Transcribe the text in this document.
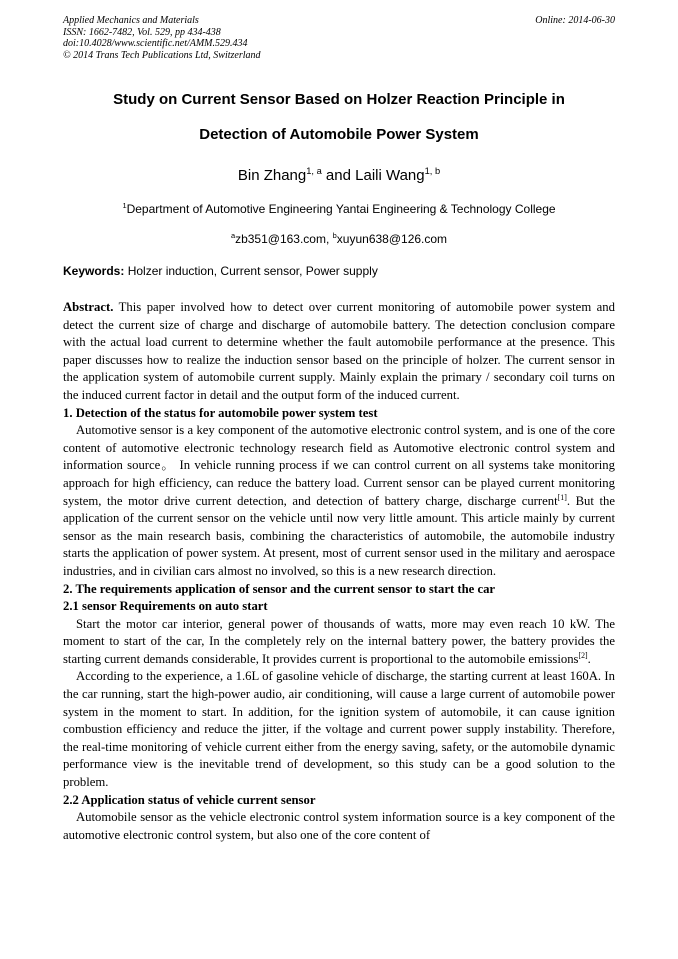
Applied Mechanics and Materials
ISSN: 1662-7482, Vol. 529, pp 434-438
doi:10.4028/www.scientific.net/AMM.529.434
© 2014 Trans Tech Publications Ltd, Switzerland
Online: 2014-06-30
Study on Current Sensor Based on Holzer Reaction Principle in
Detection of Automobile Power System
Bin Zhang$^{1, a}$ and Laili Wang$^{1, b}$
$^1$Department of Automotive Engineering Yantai Engineering & Technology College
$^a$zb351@163.com, $^b$xuyun638@126.com
Keywords: Holzer induction, Current sensor, Power supply

Abstract. This paper involved how to detect over current monitoring of automobile power system and detect the current size of charge and discharge of automobile battery. The detection conclusion compare with the actual load current to determine whether the fault automobile performance at the presence. This paper discusses how to realize the induction sensor based on the principle of holzer. The current sensor in the application system of automobile current supply. Mainly explain the primary / secondary coil turns on the induced current factor in detail and the output form of the induced current.

1. Detection of the status for automobile power system test

Automotive sensor is a key component of the automotive electronic control system, and is one of the core content of automotive electronic technology research field as Automotive electronic control system and information source。 In vehicle running process if we can control current on all systems take monitoring approach for high efficiency, can reduce the battery load. Current sensor can be played current monitoring system, the motor drive current detection, and detection of battery charge, discharge current[1]. But the application of the current sensor on the vehicle until now very little amount. This article mainly by current sensor as the main research basis, combining the characteristics of automobile, the automobile industry starts the application of power system. At present, most of current sensor used in the military and aerospace industries, and in civilian cars almost no involved, so this is a new research direction.

2. The requirements application of sensor and the current sensor to start the car
2.1 sensor Requirements on auto start

Start the motor car interior, general power of thousands of watts, more may even reach 10 kW. The moment to start of the car, In the completely rely on the internal battery power, the battery provides the starting current demands considerable, It provides current is proportional to the automobile emissions[2].

According to the experience, a 1.6L of gasoline vehicle of discharge, the starting current at least 160A. In the car running, start the high-power audio, air conditioning, will cause a large current of automobile power system in the moment to start. In addition, for the ignition system of automobile, it can cause ignition combustion efficiency and reduce the jitter, if the voltage and current power supply instability. Therefore, the real-time monitoring of vehicle current either from the energy saving, safety, or the automobile dynamic performance view is the inevitable trend of development, so this study can be a good solution to the problem.

2.2 Application status of vehicle current sensor

Automobile sensor as the vehicle electronic control system information source is a key component of the automotive electronic control system, but also one of the core content of
